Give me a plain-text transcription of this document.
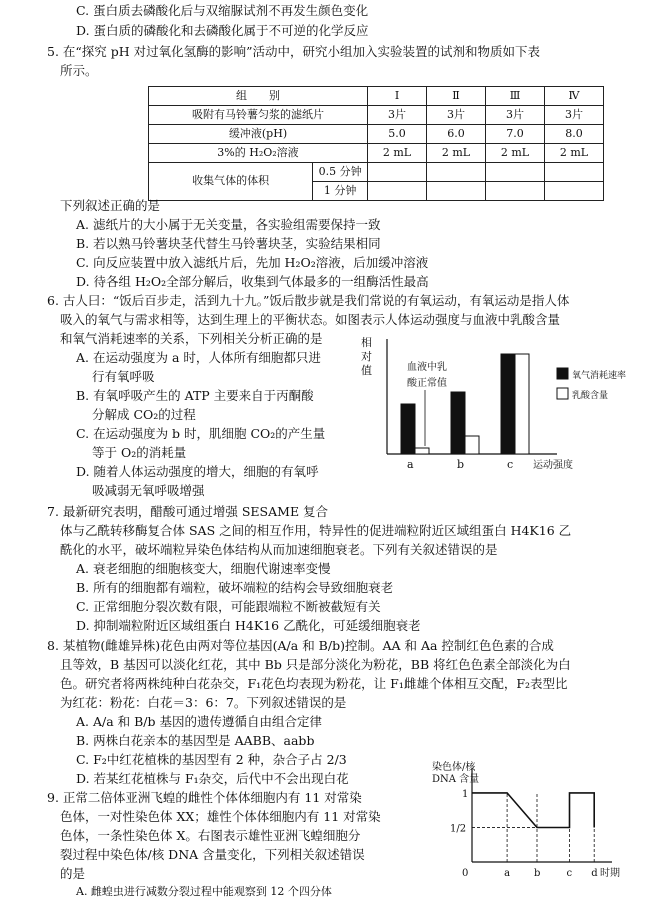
C. 蛋白质去磷酸化后与双缩脲试剂不再发生颜色变化
D. 蛋白质的磷酸化和去磷酸化属于不可逆的化学反应
5. 在“探究 pH 对过氧化氢酶的影响”活动中，研究小组加入实验装置的试剂和物质如下表
所示。
组　　别		Ⅰ	Ⅱ	Ⅲ	Ⅳ
吸附有马铃薯匀浆的滤纸片		3片	3片	3片	3片
缓冲液(pH)		5.0	6.0	7.0	8.0
3%的 H₂O₂溶液		2 mL	2 mL	2 mL	2 mL
收集气体的体积	0.5 分钟				
	1 分钟				
下列叙述正确的是
A. 滤纸片的大小属于无关变量，各实验组需要保持一致
B. 若以熟马铃薯块茎代替生马铃薯块茎，实验结果相同
C. 向反应装置中放入滤纸片后，先加 H₂O₂溶液，后加缓冲溶液
D. 待各组 H₂O₂全部分解后，收集到气体最多的一组酶活性最高
6. 古人曰：“饭后百步走，活到九十九。”饭后散步就是我们常说的有氧运动，有氧运动是指人体
吸入的氧气与需求相等，达到生理上的平衡状态。如图表示人体运动强度与血液中乳酸含量
和氧气消耗速率的关系，下列相关分析正确的是
A. 在运动强度为 a 时，人体所有细胞都只进
行有氧呼吸
B. 有氧呼吸产生的 ATP 主要来自于丙酮酸
分解成 CO₂的过程
C. 在运动强度为 b 时，肌细胞 CO₂的产生量
等于 O₂的消耗量
D. 随着人体运动强度的增大，细胞的有氧呼
吸减弱无氧呼吸增强
相
对
值
a	b	c 运动强度
血液中乳
酸正常值
氧气消耗速率
乳酸含量
7. 最新研究表明，醋酸可通过增强 SESAME 复合
体与乙酰转移酶复合体 SAS 之间的相互作用，特异性的促进端粒附近区域组蛋白 H4K16 乙
酰化的水平，破坏端粒异染色体结构从而加速细胞衰老。下列有关叙述错误的是
A. 衰老细胞的细胞核变大，细胞代谢速率变慢
B. 所有的细胞都有端粒，破坏端粒的结构会导致细胞衰老
C. 正常细胞分裂次数有限，可能跟端粒不断被截短有关
D. 抑制端粒附近区域组蛋白 H4K16 乙酰化，可延缓细胞衰老
8. 某植物(雌雄异株)花色由两对等位基因(A/a 和 B/b)控制。AA 和 Aa 控制红色色素的合成
且等效，B 基因可以淡化红花，其中 Bb 只是部分淡化为粉花，BB 将红色色素全部淡化为白
色。研究者将两株纯种白花杂交，F₁花色均表现为粉花，让 F₁雌雄个体相互交配，F₂表型比
为红花：粉花：白花＝3：6：7。下列叙述错误的是
A. A/a 和 B/b 基因的遗传遵循自由组合定律
B. 两株白花亲本的基因型是 AABB、aabb
C. F₂中红花植株的基因型有 2 种，杂合子占 2/3
D. 若某红花植株与 F₁杂交，后代中不会出现白花
9. 正常二倍体亚洲飞蝗的雌性个体体细胞内有 11 对常染
色体，一对性染色体 XX；雄性个体体细胞内有 11 对常染
色体，一条性染色体 X。右图表示雄性亚洲飞蝗细胞分
裂过程中染色体/核 DNA 含量变化，下列相关叙述错误
的是
A. 雌蝗虫进行减数分裂过程中能观察到 12 个四分体
染色体/核
DNA 含量
1
1/2
0	a b	c d 时期
